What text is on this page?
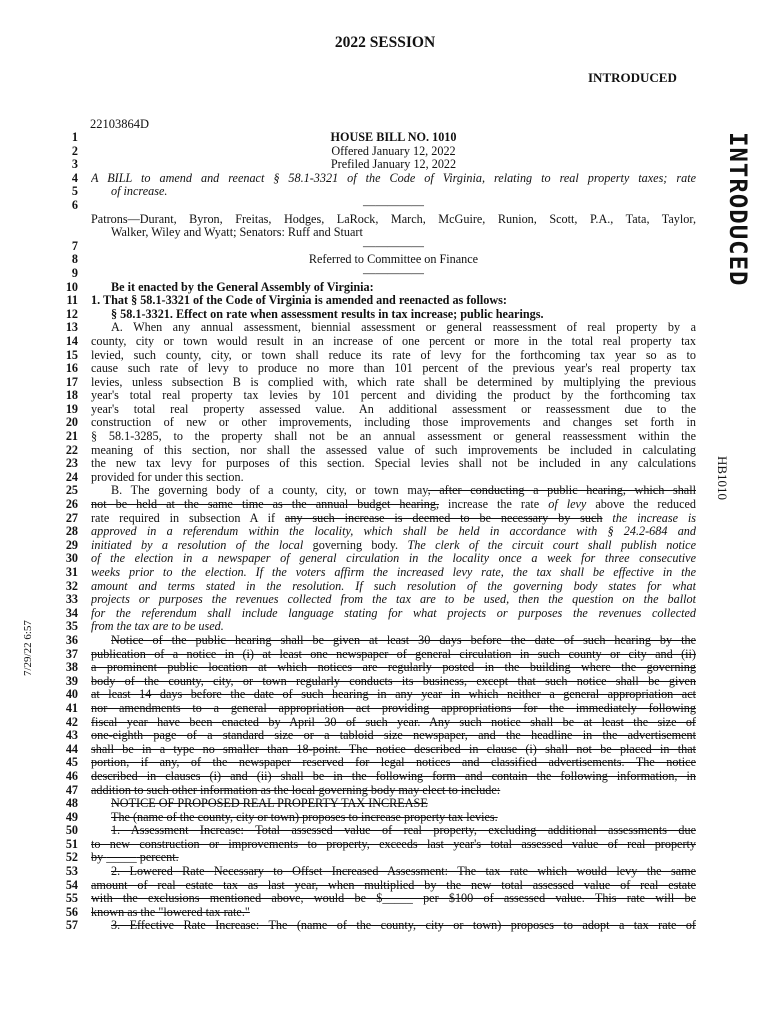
2022 SESSION
INTRODUCED
22103864D
INTRODUCED
HB1010
7/29/22 6:57
1	HOUSE BILL NO. 1010
2	Offered January 12, 2022
3	Prefiled January 12, 2022
4 A BILL to amend and reenact § 58.1-3321 of the Code of Virginia, relating to real property taxes; rate
5	of increase.
6	—————
Patrons—Durant, Byron, Freitas, Hodges, LaRock, March, McGuire, Runion, Scott, P.A., Tata, Taylor,
Walker, Wiley and Wyatt; Senators: Ruff and Stuart
7	—————
8	Referred to Committee on Finance
9	—————
10	Be it enacted by the General Assembly of Virginia:
11 1. That § 58.1-3321 of the Code of Virginia is amended and reenacted as follows:
12	§ 58.1-3321. Effect on rate when assessment results in tax increase; public hearings.
13	A. When any annual assessment, biennial assessment or general reassessment of real property by a
14 county, city or town would result in an increase of one percent or more in the total real property tax
15 levied, such county, city, or town shall reduce its rate of levy for the forthcoming tax year so as to
16 cause such rate of levy to produce no more than 101 percent of the previous year's real property tax
17 levies, unless subsection B is complied with, which rate shall be determined by multiplying the previous
18 year's total real property tax levies by 101 percent and dividing the product by the forthcoming tax
19 year's total real property assessed value. An additional assessment or reassessment due to the
20 construction of new or other improvements, including those improvements and changes set forth in
21 § 58.1-3285, to the property shall not be an annual assessment or general reassessment within the
22 meaning of this section, nor shall the assessed value of such improvements be included in calculating
23 the new tax levy for purposes of this section. Special levies shall not be included in any calculations
24 provided for under this section.
25	B. The governing body of a county, city, or town may, after conducting a public hearing, which shall
26 not be held at the same time as the annual budget hearing, increase the rate of levy above the reduced
27 rate required in subsection A if any such increase is deemed to be necessary by such the increase is
28 approved in a referendum within the locality, which shall be held in accordance with § 24.2-684 and
29 initiated by a resolution of the local governing body. The clerk of the circuit court shall publish notice
30 of the election in a newspaper of general circulation in the locality once a week for three consecutive
31 weeks prior to the election. If the voters affirm the increased levy rate, the tax shall be effective in the
32 amount and terms stated in the resolution. If such resolution of the governing body states for what
33 projects or purposes the revenues collected from the tax are to be used, then the question on the ballot
34 for the referendum shall include language stating for what projects or purposes the revenues collected
35 from the tax are to be used.
36	Notice of the public hearing shall be given at least 30 days before the date of such hearing by the
37 publication of a notice in (i) at least one newspaper of general circulation in such county or city and (ii)
38 a prominent public location at which notices are regularly posted in the building where the governing
39 body of the county, city, or town regularly conducts its business, except that such notice shall be given
40 at least 14 days before the date of such hearing in any year in which neither a general appropriation act
41 nor amendments to a general appropriation act providing appropriations for the immediately following
42 fiscal year have been enacted by April 30 of such year. Any such notice shall be at least the size of
43 one-eighth page of a standard size or a tabloid size newspaper, and the headline in the advertisement
44 shall be in a type no smaller than 18-point. The notice described in clause (i) shall not be placed in that
45 portion, if any, of the newspaper reserved for legal notices and classified advertisements. The notice
46 described in clauses (i) and (ii) shall be in the following form and contain the following information, in
47 addition to such other information as the local governing body may elect to include:
48	NOTICE OF PROPOSED REAL PROPERTY TAX INCREASE
49	The (name of the county, city or town) proposes to increase property tax levies.
50	1. Assessment Increase: Total assessed value of real property, excluding additional assessments due
51 to new construction or improvements to property, exceeds last year's total assessed value of real property
52 by _____ percent.
53	2. Lowered Rate Necessary to Offset Increased Assessment: The tax rate which would levy the same
54 amount of real estate tax as last year, when multiplied by the new total assessed value of real estate
55 with the exclusions mentioned above, would be $_____ per $100 of assessed value. This rate will be
56 known as the "lowered tax rate."
57	3. Effective Rate Increase: The (name of the county, city or town) proposes to adopt a tax rate of
